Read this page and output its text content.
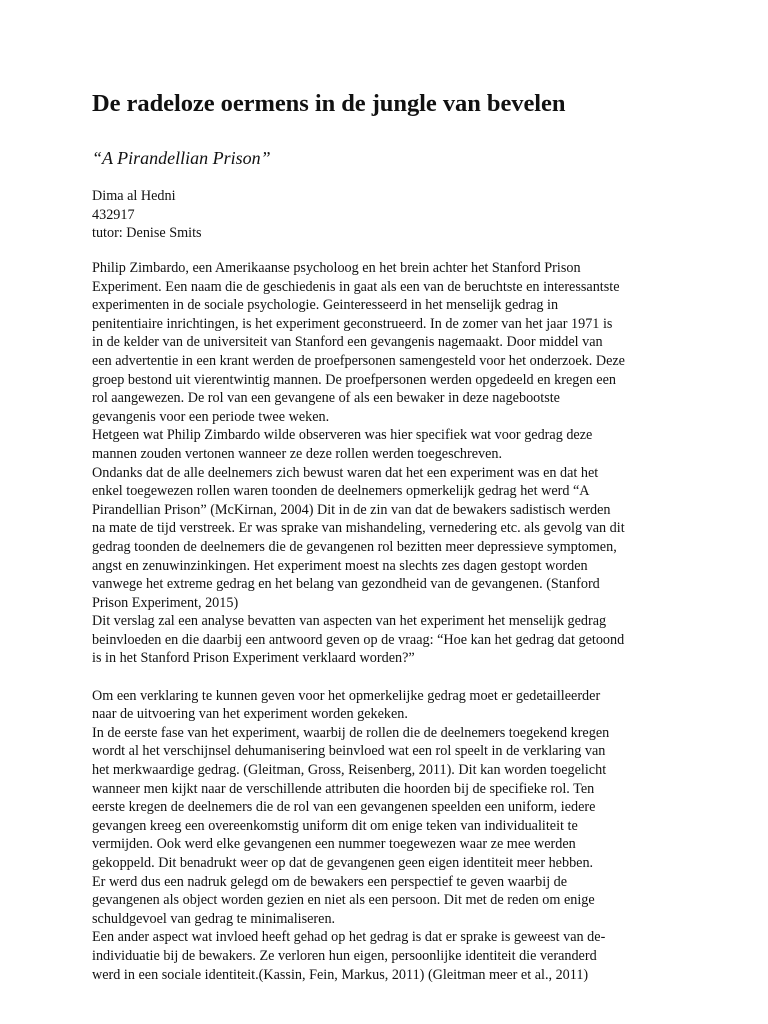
De radeloze oermens in de jungle van bevelen

“A Pirandellian Prison”

Dima al Hedni
432917
tutor: Denise Smits
Philip Zimbardo, een Amerikaanse psycholoog en het brein achter het Stanford Prison
Experiment. Een naam die de geschiedenis in gaat als een van de beruchtste en interessantste
experimenten in de sociale psychologie. Geinteresseerd in het menselijk gedrag in
penitentiaire inrichtingen, is het experiment geconstrueerd. In de zomer van het jaar 1971 is
in de kelder van de universiteit van Stanford een gevangenis nagemaakt. Door middel van
een advertentie in een krant werden de proefpersonen samengesteld voor het onderzoek. Deze
groep bestond uit vierentwintig mannen. De proefpersonen werden opgedeeld en kregen een
rol aangewezen. De rol van een gevangene of als een bewaker in deze nagebootste
gevangenis voor een periode twee weken.
Hetgeen wat Philip Zimbardo wilde observeren was hier specifiek wat voor gedrag deze
mannen zouden vertonen wanneer ze deze rollen werden toegeschreven.
Ondanks dat de alle deelnemers zich bewust waren dat het een experiment was en dat het
enkel toegewezen rollen waren toonden de deelnemers opmerkelijk gedrag het werd “A
Pirandellian Prison” (McKirnan, 2004) Dit in de zin van dat de bewakers sadistisch werden
na mate de tijd verstreek. Er was sprake van mishandeling, vernedering etc. als gevolg van dit
gedrag toonden de deelnemers die de gevangenen rol bezitten meer depressieve symptomen,
angst en zenuwinzinkingen. Het experiment moest na slechts zes dagen gestopt worden
vanwege het extreme gedrag en het belang van gezondheid van de gevangenen. (Stanford
Prison Experiment, 2015)
Dit verslag zal een analyse bevatten van aspecten van het experiment het menselijk gedrag
beinvloeden en die daarbij een antwoord geven op de vraag: “Hoe kan het gedrag dat getoond
is in het Stanford Prison Experiment verklaard worden?”
Om een verklaring te kunnen geven voor het opmerkelijke gedrag moet er gedetailleerder
naar de uitvoering van het experiment worden gekeken.
In de eerste fase van het experiment, waarbij de rollen die de deelnemers toegekend kregen
wordt al het verschijnsel dehumanisering beinvloed wat een rol speelt in de verklaring van
het merkwaardige gedrag. (Gleitman, Gross, Reisenberg, 2011). Dit kan worden toegelicht
wanneer men kijkt naar de verschillende attributen die hoorden bij de specifieke rol. Ten
eerste kregen de deelnemers die de rol van een gevangenen speelden een uniform, iedere
gevangen kreeg een overeenkomstig uniform dit om enige teken van individualiteit te
vermijden. Ook werd elke gevangenen een nummer toegewezen waar ze mee werden
gekoppeld. Dit benadrukt weer op dat de gevangenen geen eigen identiteit meer hebben.
Er werd dus een nadruk gelegd om de bewakers een perspectief te geven waarbij de
gevangenen als object worden gezien en niet als een persoon. Dit met de reden om enige
schuldgevoel van gedrag te minimaliseren.
Een ander aspect wat invloed heeft gehad op het gedrag is dat er sprake is geweest van de-
individuatie bij de bewakers. Ze verloren hun eigen, persoonlijke identiteit die veranderd
werd in een sociale identiteit.(Kassin, Fein, Markus, 2011) (Gleitman meer et al., 2011)
